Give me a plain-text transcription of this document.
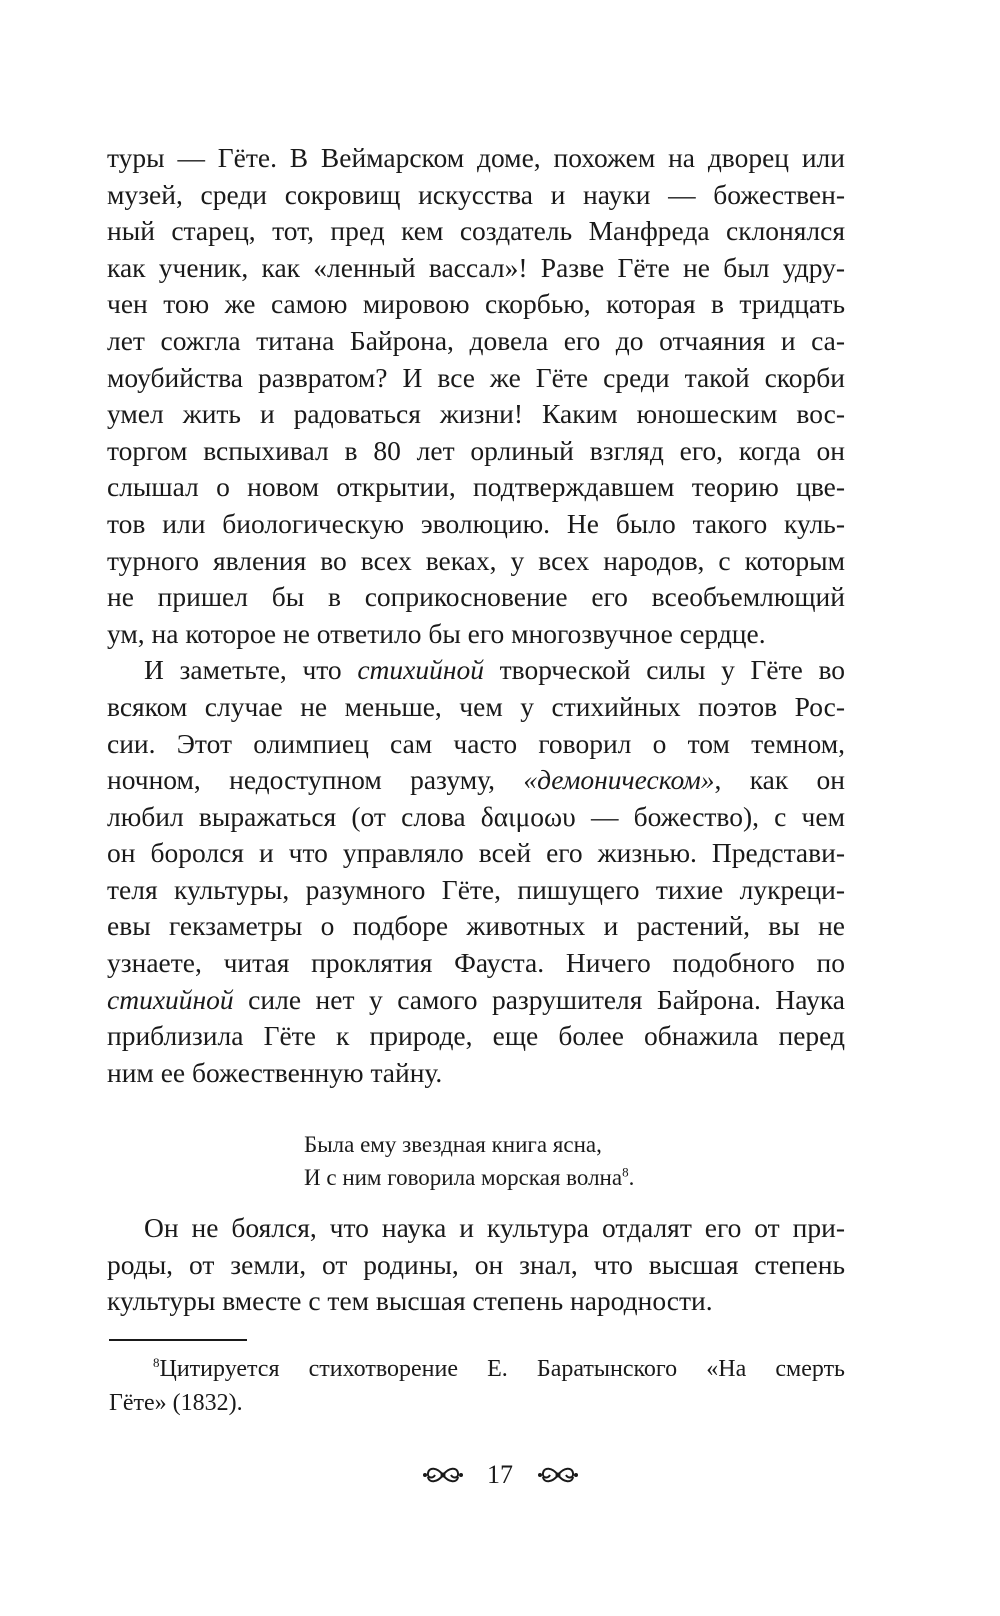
туры — Гёте. В Веймарском доме, похожем на дворец или
музей, среди сокровищ искусства и науки — божествен-
ный старец, тот, пред кем создатель Манфреда склонялся
как ученик, как «ленный вассал»! Разве Гёте не был удру-
чен тою же самою мировою скорбью, которая в тридцать
лет сожгла титана Байрона, довела его до отчаяния и са-
моубийства развратом? И все же Гёте среди такой скорби
умел жить и радоваться жизни! Каким юношеским вос-
торгом вспыхивал в 80 лет орлиный взгляд его, когда он
слышал о новом открытии, подтверждавшем теорию цве-
тов или биологическую эволюцию. Не было такого куль-
турного явления во всех веках, у всех народов, с которым
не пришел бы в соприкосновение его всеобъемлющий
ум, на которое не ответило бы его многозвучное сердце.

И заметьте, что стихийной творческой силы у Гёте во
всяком случае не меньше, чем у стихийных поэтов Рос-
сии. Этот олимпиец сам часто говорил о том темном,
ночном, недоступном разуму, «демоническом», как он
любил выражаться (от слова δαιμοωυ — божество), с чем
он боролся и что управляло всей его жизнью. Представи-
теля культуры, разумного Гёте, пишущего тихие лукреци-
евы гекзаметры о подборе животных и растений, вы не
узнаете, читая проклятия Фауста. Ничего подобного по
стихийной силе нет у самого разрушителя Байрона. Наука
приблизила Гёте к природе, еще более обнажила перед
ним ее божественную тайну.

Была ему звездная книга ясна,
И с ним говорила морская волна$^8$.

Он не боялся, что наука и культура отдалят его от при-
роды, от земли, от родины, он знал, что высшая степень
культуры вместе с тем высшая степень народности.

$^8$Цитируется стихотворение Е. Баратынского «На смерть
Гёте» (1832).
17
